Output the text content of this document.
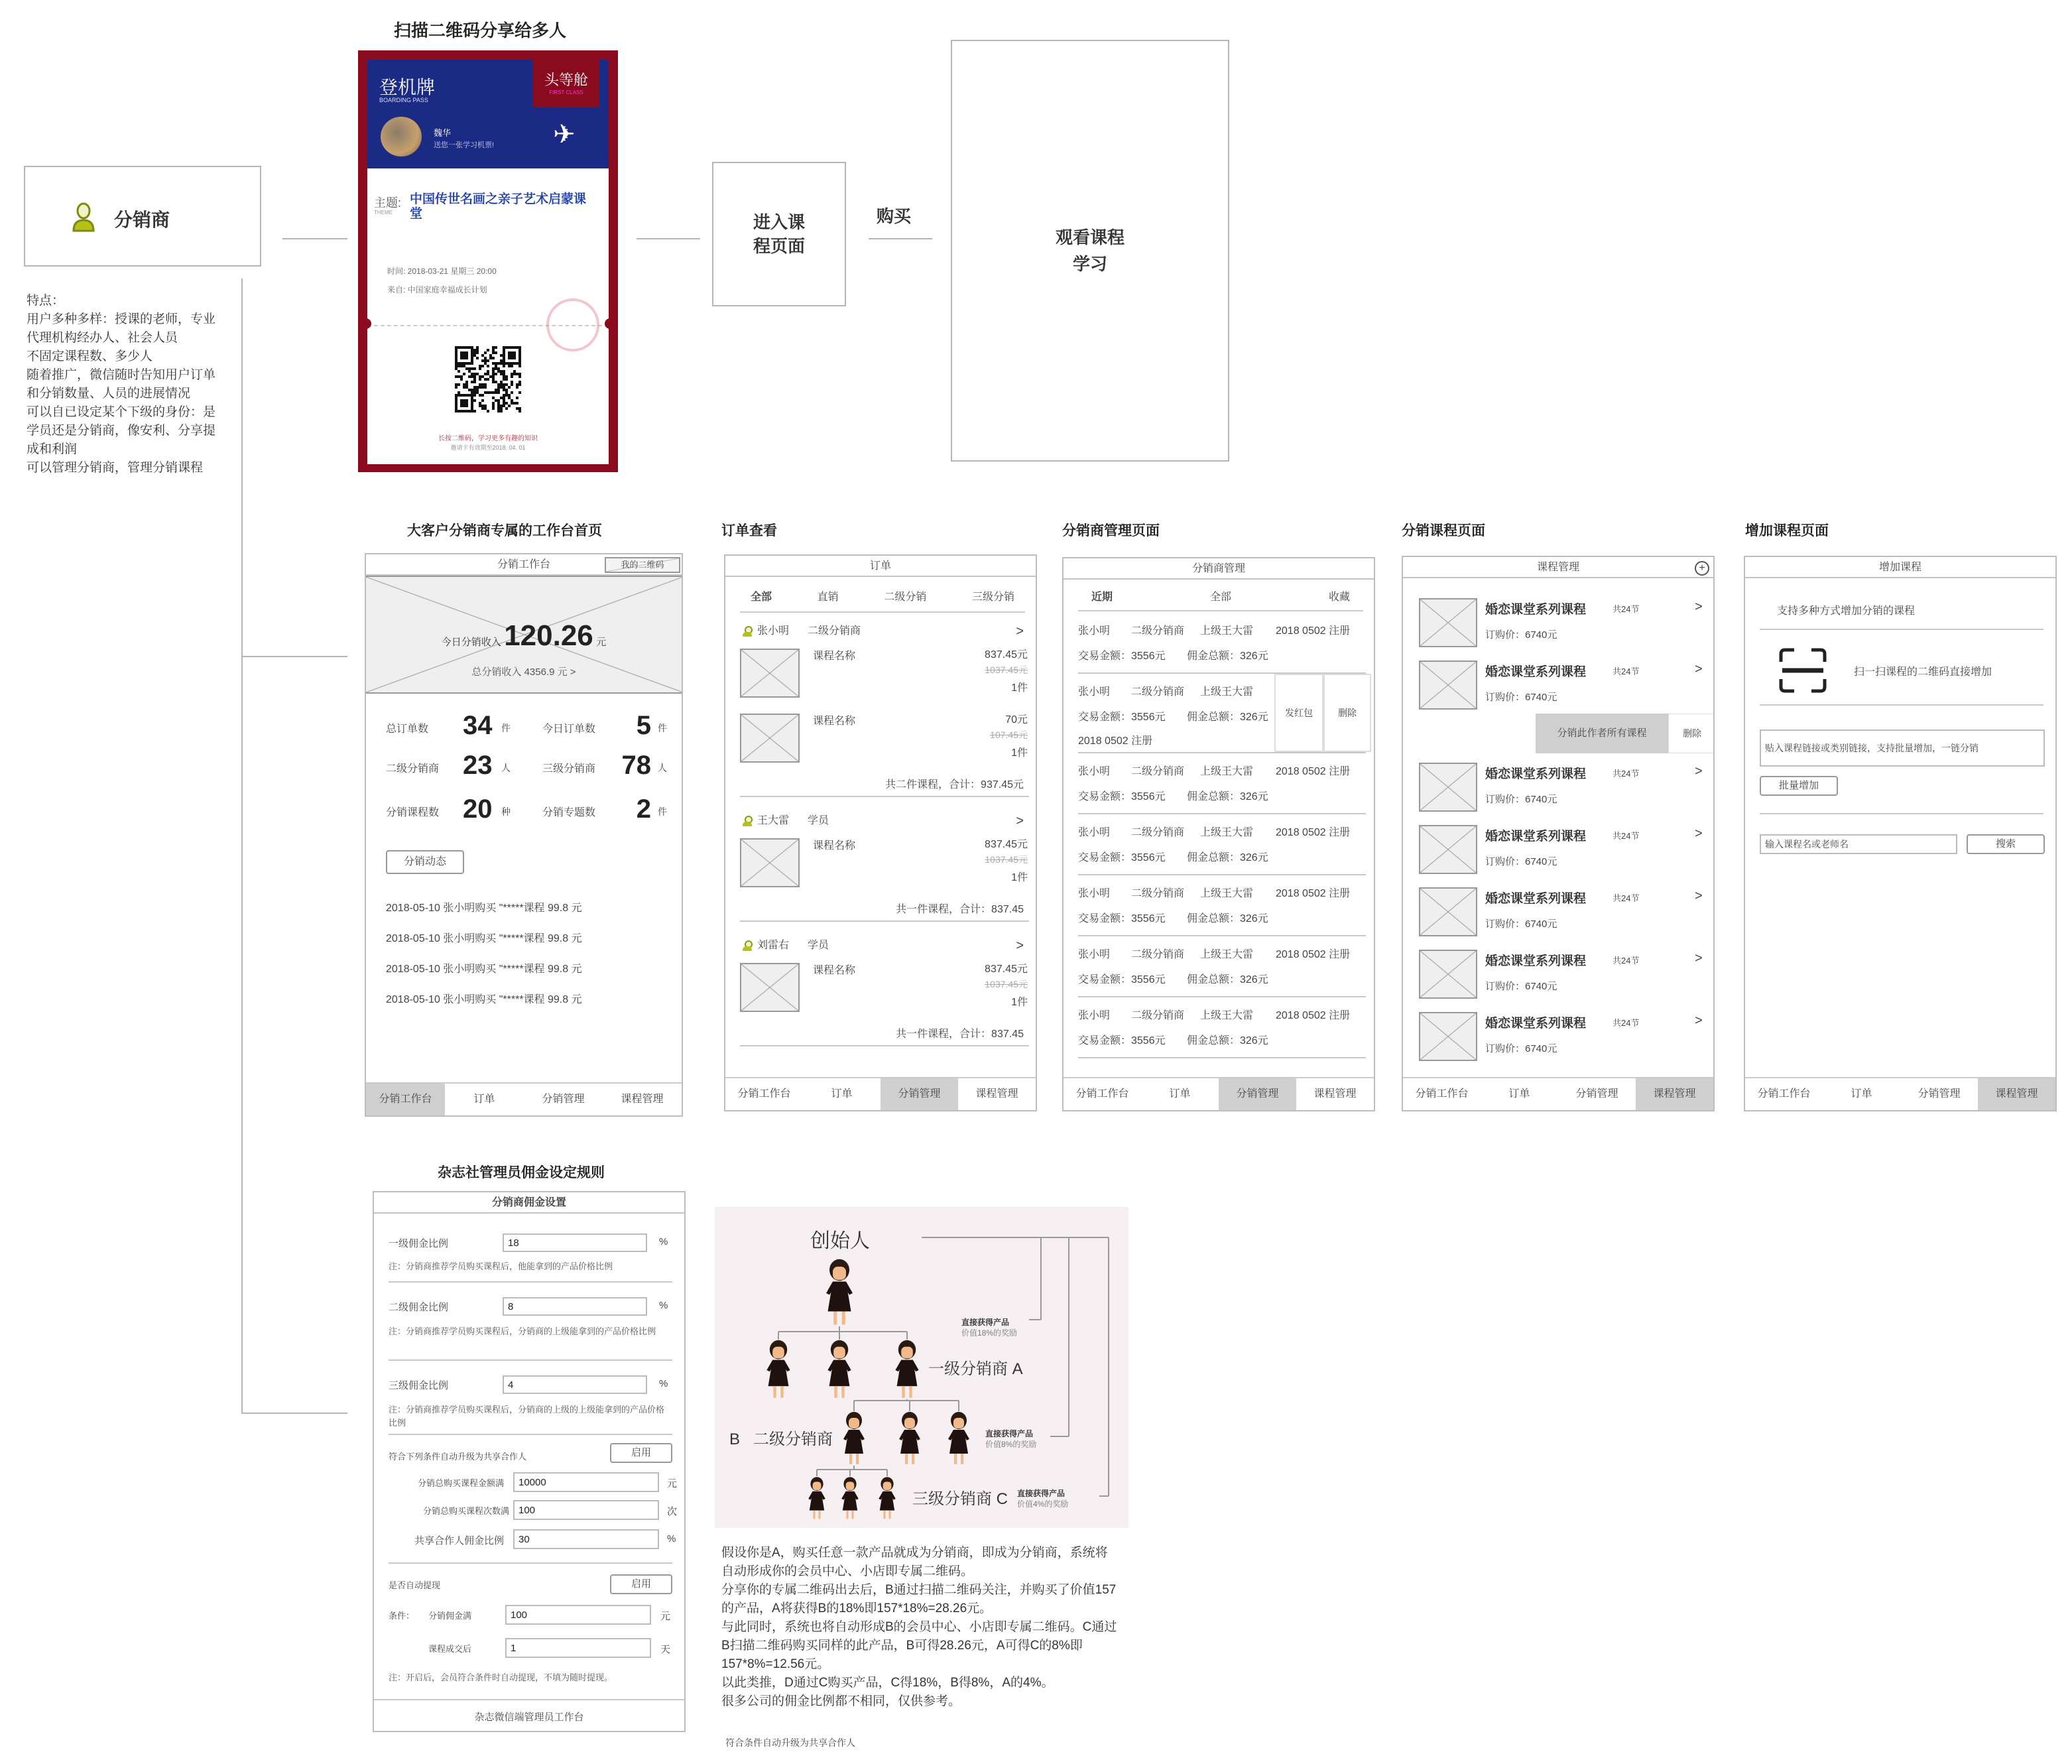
分销商
特点：
用户多种多样：授课的老师，专业代理机构经办人、社会人员
不固定课程数、多少人
随着推广，微信随时告知用户订单和分销数量、人员的进展情况
可以自已设定某个下级的身份：是学员还是分销商，像安利、分享提成和利润
可以管理分销商，管理分销课程
扫描二维码分享给多人
登机牌
BOARDING PASS
头等舱
FIRST CLASS
魏华
送您一张学习机票! ✈
主题:
THEME
中国传世名画之亲子艺术启蒙课堂
时间: 2018-03-21 星期三 20:00
来自: 中国家庭幸福成长计划
长按二维码，学习更多有趣的知识
邀请卡有效期至2018. 04. 01
进入课程页面
购买
观看课程学习
大客户分销商专属的工作台首页
分销工作台	我的二维码
今日分销收入 120.26 元
总分销收入 4356.9 元 >
分销动态
分销工作台	订单	分销管理	课程管理
总订单数 34 件	今日订单数	5 件
二级分销商 23 人	三级分销商 78 人
分销课程数 20 种	分销专题数	2 件
2018-05-10 张小明购买 "*****课程 99.8 元
2018-05-10 张小明购买 "*****课程 99.8 元
2018-05-10 张小明购买 "*****课程 99.8 元
2018-05-10 张小明购买 "*****课程 99.8 元
订单查看
订单
全部	直销	二级分销	三级分销
张小明 二级分销商	>
课程名称	837.45元
1037.45元
1件
课程名称	70元
107.45元
1件
共二件课程，合计：937.45元
王大雷 学员	>
课程名称	837.45元
1037.45元
1件
共一件课程，合计：837.45
刘雷右 学员	>
课程名称	837.45元
1037.45元
1件
共一件课程，合计：837.45
分销工作台	订单	分销管理	课程管理
分销商管理页面
分销商管理
近期	全部	收藏
张小明 二级分销商 上级王大雷 2018 0502 注册
交易金额：3556元 佣金总额：326元
张小明 二级分销商 上级王大雷
2018 0502 注册
交易金额：3556元 佣金总额：326元	发红包	删除
张小明 二级分销商 上级王大雷 2018 0502 注册
交易金额：3556元 佣金总额：326元
张小明 二级分销商 上级王大雷 2018 0502 注册
交易金额：3556元 佣金总额：326元
张小明 二级分销商 上级王大雷 2018 0502 注册
交易金额：3556元 佣金总额：326元
张小明 二级分销商 上级王大雷 2018 0502 注册
交易金额：3556元 佣金总额：326元
张小明 二级分销商 上级王大雷 2018 0502 注册
交易金额：3556元 佣金总额：326元
分销工作台	订单	分销管理	课程管理
分销课程页面
课程管理	+
婚恋课堂系列课程	共24节
订购价：6740元
>
婚恋课堂系列课程	共24节
订购价：6740元
>
分销此作者所有课程	删除
婚恋课堂系列课程	共24节
订购价：6740元
>
婚恋课堂系列课程	共24节
订购价：6740元
>
婚恋课堂系列课程	共24节
订购价：6740元
>
婚恋课堂系列课程	共24节
订购价：6740元
>
婚恋课堂系列课程	共24节
订购价：6740元
>
分销工作台	订单	分销管理	课程管理
增加课程页面
增加课程
支持多种方式增加分销的课程
扫一扫课程的二维码直接增加
贴入课程链接或类别链接，支持批量增加，一链分销
批量增加
输入课程名或老师名	搜索
分销工作台	订单	分销管理	课程管理
杂志社管理员佣金设定规则
分销商佣金设置
一级佣金比例	18	%
注：分销商推荐学员购买课程后，他能拿到的产品价格比例
二级佣金比例	8	%
注：分销商推荐学员购买课程后，分销商的上级能拿到的产品价格比例
三级佣金比例	4	%
注：分销商推荐学员购买课程后，分销商的上级的上级能拿到的产品价格比例
符合下列条件自动升级为共享合作人	启用
分销总购买课程金额满	10000	元
分销总购买课程次数满 100	次
共享合作人佣金比例	30	%
是否自动提现	启用
条件： 分销佣金满	100	元
课程成交后	1	天
注：开启后，会员符合条件时自动提现，不填为随时提现。
杂志微信端管理员工作台
创始人
一级分销商 A
B   二级分销商
三级分销商 C
直接获得产品
价值18%的奖励
直接获得产品
价值8%的奖励
直接获得产品
价值4%的奖励

假设你是A，购买任意一款产品就成为分销商，即成为分销商，系统将自动形成你的会员中心、小店即专属二维码。

分享你的专属二维码出去后，B通过扫描二维码关注，并购买了价值157的产品，A将获得B的18%即157*18%=28.26元。

与此同时，系统也将自动形成B的会员中心、小店即专属二维码。C通过B扫描二维码购买同样的此产品，B可得28.26元，A可得C的8%即157*8%=12.56元。

以此类推，D通过C购买产品，C得18%，B得8%，A的4%。

很多公司的佣金比例都不相同，仅供参考。

符合条件自动升级为共享合作人
